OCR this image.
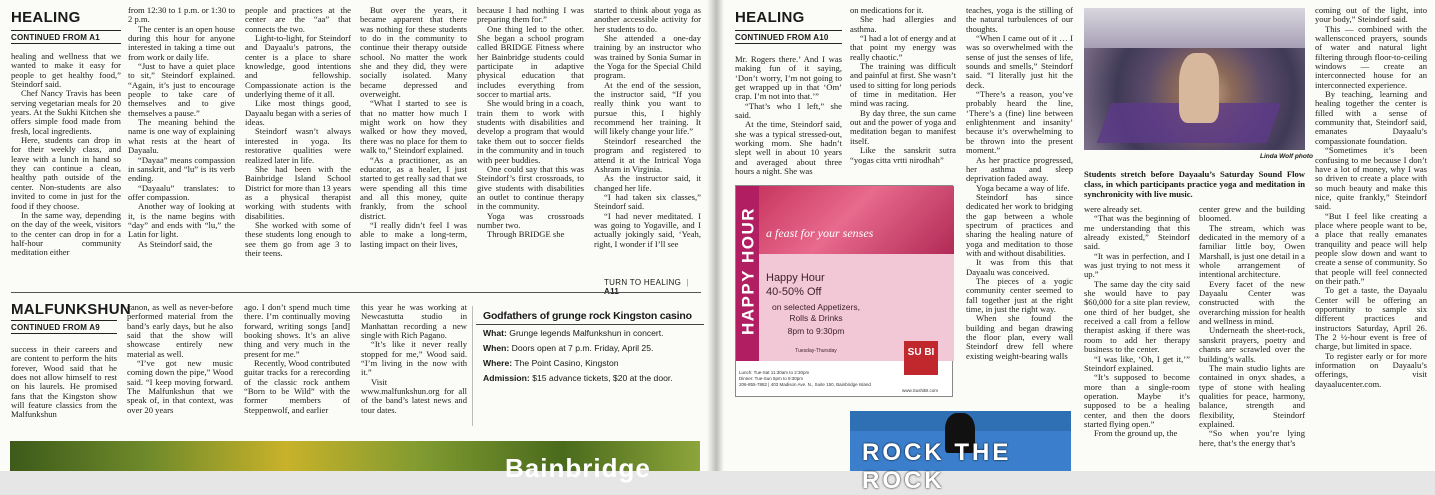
HEALING
CONTINUED FROM A1

healing and wellness that we wanted to make it easy for people to get healthy food,” Steindorf said.

Chef Nancy Travis has been serving vegetarian meals for 20 years. At the Sukhi Kitchen she offers simple food made from fresh, local ingredients.

Here, students can drop in for their weekly class, and leave with a lunch in hand so they can continue a clean, healthy path outside of the center. Non-students are also invited to come in just for the food if they choose.

In the same way, depending on the day of the week, visitors to the center can drop in for a half-hour community meditation either

from 12:30 to 1 p.m. or 1:30 to 2 p.m.

The center is an open house during this hour for anyone interested in taking a time out from work or daily life.

“Just to have a quiet place to sit,” Steindorf explained. “Again, it’s just to encourage people to take care of themselves and to give themselves a pause.”

The meaning behind the name is one way of explaining what rests at the heart of Dayaalu.

“Dayaa” means compassion in sanskrit, and “lu” is its verb ending.

“Dayaalu” translates: to offer compassion.

Another way of looking at it, is the name begins with “day” and ends with “lu,” the Latin for light.

As Steindorf said, the

people and practices at the center are the “aa” that connects the two.

Light-to-light, for Steindorf and Dayaalu’s patrons, the center is a place to share knowledge, good intentions and fellowship. Compassionate action is the underlying theme of it all.

Like most things good, Dayaalu began with a series of ideas.

Steindorf wasn’t always interested in yoga. Its restorative qualities were realized later in life.

She had been with the Bainbridge Island School District for more than 13 years as a physical therapist working with students with disabilities.

She worked with some of these students long enough to see them go from age 3 to their teens.

But over the years, it became apparent that there was nothing for these students to do in the community to continue their therapy outside school. No matter the work she and they did, they were socially isolated. Many became depressed and overweight.

“What I started to see is that no matter how much I might work on how they walked or how they moved, there was no place for them to walk to,” Steindorf explained.

“As a practitioner, as an educator, as a healer, I just started to get really sad that we were spending all this time and all this money, quite frankly, from the school district.

“I really didn’t feel I was able to make a long-term, lasting impact on their lives,

because I had nothing I was preparing them for.”

One thing led to the other. She began a school program called BRIDGE Fitness where her Bainbridge students could participate in adaptive physical education that includes everything from soccer to martial arts.

She would bring in a coach, train them to work with students with disabilities and develop a program that would take them out to soccer fields in the community and in touch with peer buddies.

One could say that this was Steindorf’s first crossroads, to give students with disabilities an outlet to continue therapy in the community.

Yoga was crossroads number two.

Through BRIDGE she

started to think about yoga as another accessible activity for her students to do.

She attended a one-day training by an instructor who was trained by Sonia Sumar in the Yoga for the Special Child program.

At the end of the session, the instructor said, “If you really think you want to pursue this, I highly recommend her training. It will likely change your life.”

Steindorf researched the program and registered to attend it at the Intrical Yoga Ashram in Virginia.

As the instructor said, it changed her life.

“I had taken six classes,” Steindorf said.

“I had never meditated. I was going to Yogaville, and I actually jokingly said, ‘Yeah, right, I wonder if I’ll see

TURN TO HEALING | A11
MALFUNKSHUN
CONTINUED FROM A9

success in their careers and are content to perform the hits forever, Wood said that he does not allow himself to rest on his laurels. He promised fans that the Kingston show will feature classics from the Malfunkshun

canon, as well as never-before performed material from the band’s early days, but he also said that the show will showcase entirely new material as well.

“I’ve got new music coming down the pipe,” Wood said. “I keep moving forward. The Malfunkshun that we speak of, in that context, was over 20 years

ago. I don’t spend much time there. I’m continually moving forward, writing songs [and] booking shows. It’s an alive thing and very much in the present for me.”

Recently, Wood contributed guitar tracks for a rerecording of the classic rock anthem “Born to be Wild” with the former members of Steppenwolf, and earlier

this year he was working at Newcastutta studio in Manhattan recording a new single with Rich Pagano.

“It’s like it never really stopped for me,” Wood said. “I’m living in the now with it.”

Visit www.malfunkshun.org for all of the band’s latest news and tour dates.

Godfathers of grunge rock Kingston casino
What: Grunge legends Malfunkshun in concert.
When: Doors open at 7 p.m. Friday, April 25.
Where: The Point Casino, Kingston
Admission: $15 advance tickets, $20 at the door.
Bainbridge
HEALING
CONTINUED FROM A10

Mr. Rogers there.’ And I was making fun of it saying, ‘Don’t worry, I’m not going to get wrapped up in that ‘Om’ crap. I’m not into that.’”

“That’s who I left,” she said.

At the time, Steindorf said, she was a typical stressed-out, working mom. She hadn’t slept well in about 10 years and averaged about three hours a night. She was

on medications for it.

She had allergies and asthma.

“I had a lot of energy and at that point my energy was really chaotic.”

The training was difficult and painful at first. She wasn’t used to sitting for long periods of time in meditation. Her mind was racing.

By day three, the sun came out and the power of yoga and meditation began to manifest itself.

Like the sanskrit sutra “yogas citta vrtti nirodhah”

teaches, yoga is the stilling of the natural turbulences of our thoughts.

“When I came out of it … I was so overwhelmed with the sense of just the senses of life, sounds and smells,” Steindorf said. “I literally just hit the deck.

“There’s a reason, you’ve probably heard the line, ‘There’s a (fine) line between enlightenment and insanity’ because it’s overwhelming to be thrown into the present moment.”

As her practice progressed, her asthma and sleep deprivation faded away.

Yoga became a way of life.

Steindorf has since dedicated her work to bridging the gap between a whole spectrum of practices and sharing the healing nature of yoga and meditation to those with and without disabilities.

It was from this that Dayaalu was conceived.

The pieces of a yogic community center seemed to fall together just at the right time, in just the right way.

When she found the building and began drawing the floor plan, every wall Steindorf drew fell where existing weight-bearing walls

Linda Wolf photo
Students stretch before Dayaalu’s Saturday Sound Flow class, in which participants practice yoga and meditation in synchronicity with live music.

were already set.

“That was the beginning of me understanding that this already existed,” Steindorf said.

“It was in perfection, and I was just trying to not mess it up.”

The same day the city said she would have to pay $60,000 for a site plan review, one third of her budget, she received a call from a fellow therapist asking if there was room to add her therapy business to the center.

“I was like, ‘Oh, I get it,’” Steindorf explained.

“It’s supposed to become more than a single-room operation. Maybe it’s supposed to be a healing center, and then the doors started flying open.”

From the ground up, the

center grew and the building bloomed.

The stream, which was dedicated in the memory of a familiar little boy, Owen Marshall, is just one detail in a whole arrangement of intentional architecture.

Every facet of the new Dayaalu Center was constructed with the overarching mission for health and wellness in mind.

Underneath the sheet-rock, sanskrit prayers, poetry and chants are scrawled over the building’s walls.

The main studio lights are contained in onyx shades, a type of stone with healing qualities for peace, harmony, balance, strength and flexibility, Steindorf explained.

“So when you’re lying here, that’s the energy that’s

coming out of the light, into your body,” Steindorf said.

This — combined with the wallensconced prayers, sounds of water and natural light filtering through floor-to-ceiling windows — create an interconnected house for an interconnected experience.

By teaching, learning and healing together the center is filled with a sense of community that, Steindorf said, emanates Dayaalu’s compassionate foundation.

“Sometimes it’s been confusing to me because I don’t have a lot of money, why I was so driven to create a place with so much beauty and make this nice, quite frankly,” Steindorf said.

“But I feel like creating a place where people want to be, a place that really emanates tranquility and peace will help people slow down and want to create a sense of community. So that people will feel connected on their path.”

To get a taste, the Dayaalu Center will be offering an opportunity to sample six different practices and instructors Saturday, April 26. The 2 ½-hour event is free of charge, but limited in space.

To register early or for more information on Dayaalu’s offerings, visit dayaalucenter.com.

HAPPY HOUR a feast for your senses
Happy Hour
40-50% Off
on selected Appetizers, Rolls & Drinks
8pm to 9:30pm
Tuesday-Thursday	SU BI
Lunch: Tue-Sat 11:30am to 2:30pm
Dinner: Tue-Sun 5pm to 9:30pm
206-855-7882 | 403 Madison Ave. N., Suite 150, Bainbridge Island
www.SushiBI.com
ROCK THE ROCK
